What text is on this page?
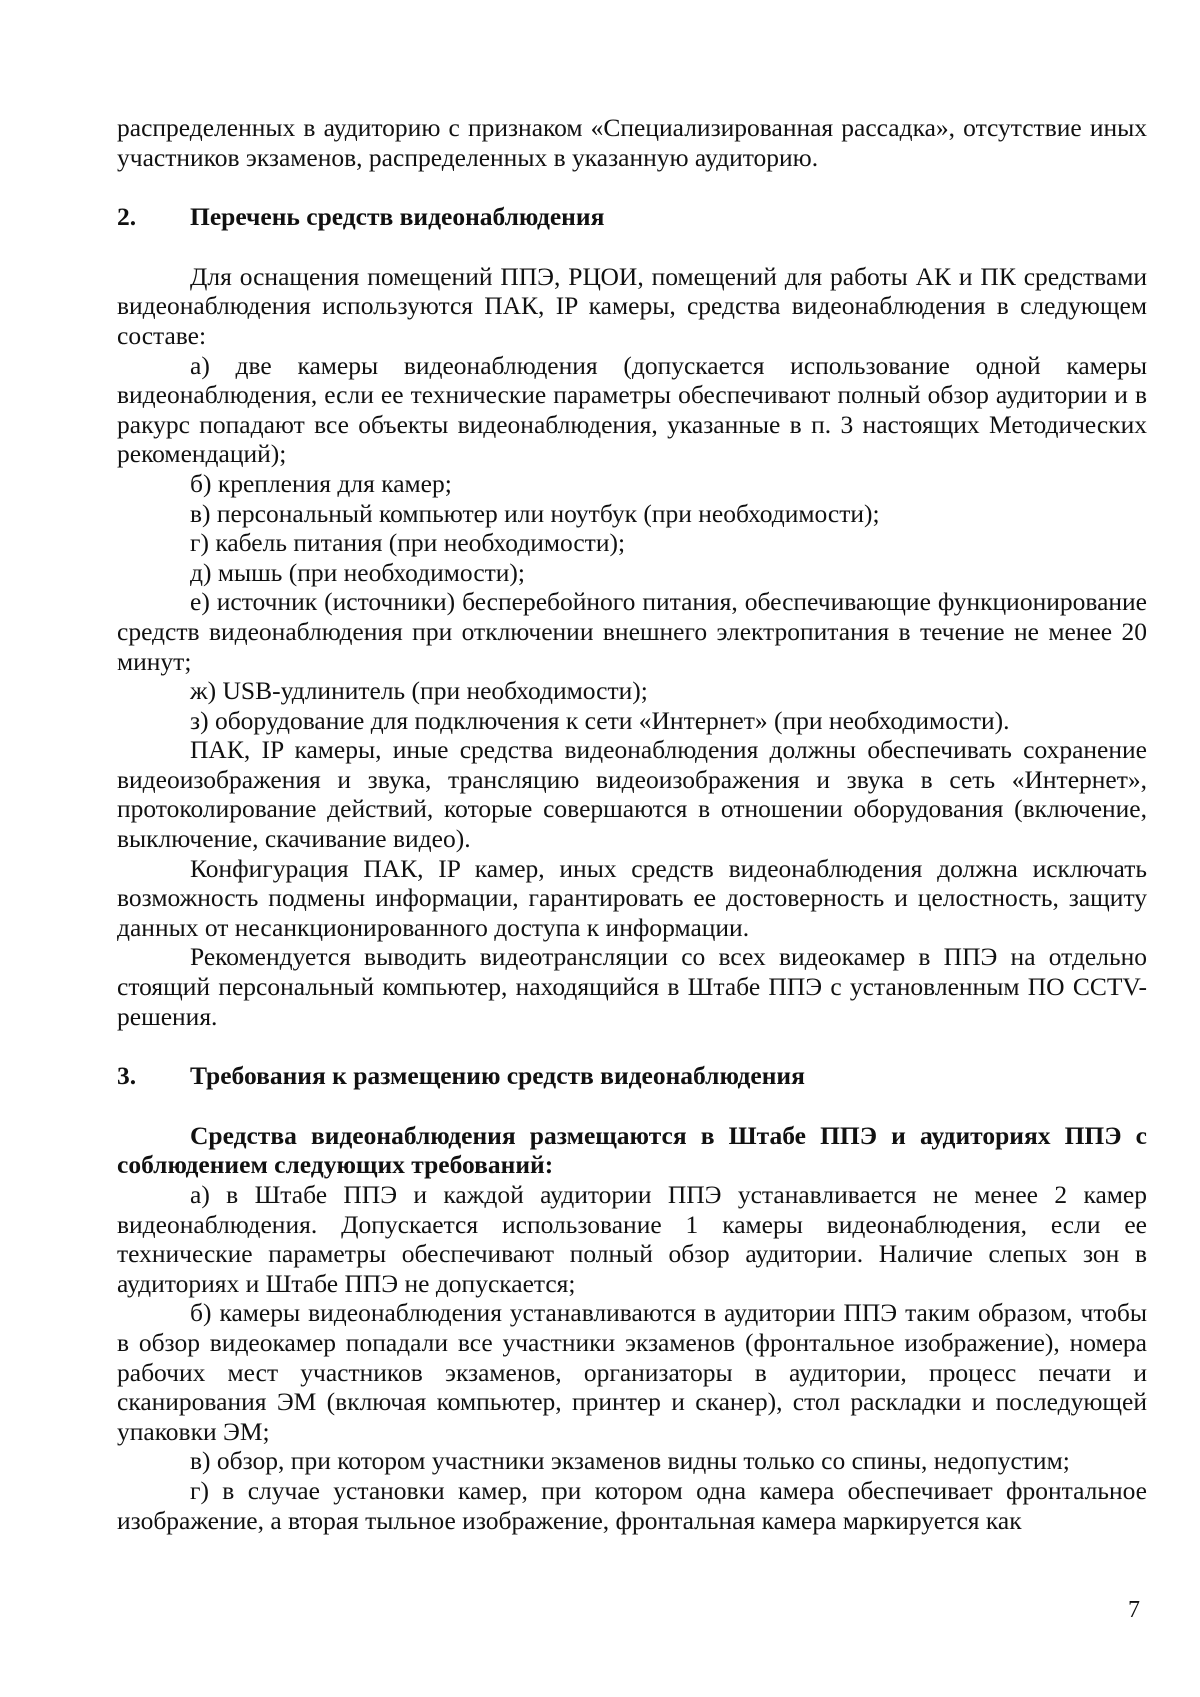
распределенных в аудиторию с признаком «Специализированная рассадка», отсутствие иных участников экзаменов, распределенных в указанную аудиторию.

2.	Перечень средств видеонаблюдения

Для оснащения помещений ППЭ, РЦОИ, помещений для работы АК и ПК средствами видеонаблюдения используются ПАК, IP камеры, средства видеонаблюдения в следующем составе:

а) две камеры видеонаблюдения (допускается использование одной камеры видеонаблюдения, если ее технические параметры обеспечивают полный обзор аудитории и в ракурс попадают все объекты видеонаблюдения, указанные в п. 3 настоящих Методических рекомендаций);

б) крепления для камер;

в) персональный компьютер или ноутбук (при необходимости);

г) кабель питания (при необходимости);

д) мышь (при необходимости);

е) источник (источники) бесперебойного питания, обеспечивающие функционирование средств видеонаблюдения при отключении внешнего электропитания в течение не менее 20 минут;

ж) USB-удлинитель (при необходимости);

з) оборудование для подключения к сети «Интернет» (при необходимости).

ПАК, IP камеры, иные средства видеонаблюдения должны обеспечивать сохранение видеоизображения и звука, трансляцию видеоизображения и звука в сеть «Интернет», протоколирование действий, которые совершаются в отношении оборудования (включение, выключение, скачивание видео).

Конфигурация ПАК, IP камер, иных средств видеонаблюдения должна исключать возможность подмены информации, гарантировать ее достоверность и целостность, защиту данных от несанкционированного доступа к информации.

Рекомендуется выводить видеотрансляции со всех видеокамер в ППЭ на отдельно стоящий персональный компьютер, находящийся в Штабе ППЭ с установленным ПО CCTV-решения.

3.	Требования к размещению средств видеонаблюдения

Средства видеонаблюдения размещаются в Штабе ППЭ и аудиториях ППЭ с соблюдением следующих требований:

а) в Штабе ППЭ и каждой аудитории ППЭ устанавливается не менее 2 камер видеонаблюдения. Допускается использование 1 камеры видеонаблюдения, если ее технические параметры обеспечивают полный обзор аудитории. Наличие слепых зон в аудиториях и Штабе ППЭ не допускается;

б) камеры видеонаблюдения устанавливаются в аудитории ППЭ таким образом, чтобы в обзор видеокамер попадали все участники экзаменов (фронтальное изображение), номера рабочих мест участников экзаменов, организаторы в аудитории, процесс печати и сканирования ЭМ (включая компьютер, принтер и сканер), стол раскладки и последующей упаковки ЭМ;

в) обзор, при котором участники экзаменов видны только со спины, недопустим;

г) в случае установки камер, при котором одна камера обеспечивает фронтальное изображение, а вторая тыльное изображение, фронтальная камера маркируется как

7
